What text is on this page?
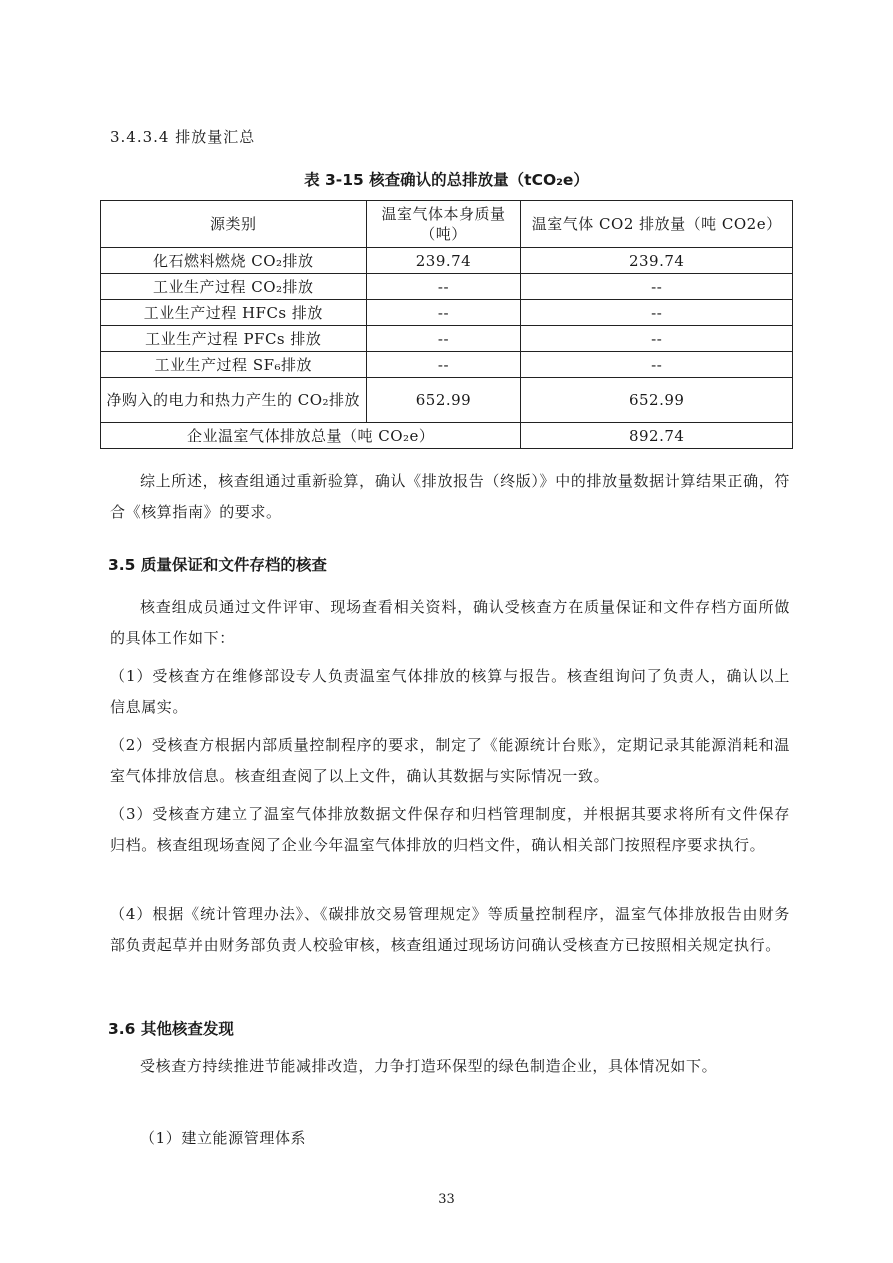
3.4.3.4 排放量汇总
表 3-15 核查确认的总排放量（tCO₂e）
源类别	温室气体本身质量（吨）	温室气体 CO2 排放量（吨 CO2e）
化石燃料燃烧 CO₂排放	239.74	239.74
工业生产过程 CO₂排放	--	--
工业生产过程 HFCs 排放	--	--
工业生产过程 PFCs 排放	--	--
工业生产过程 SF₆排放	--	--
净购入的电力和热力产生的 CO₂排放	652.99	652.99
企业温室气体排放总量（吨 CO₂e）		892.74

综上所述，核查组通过重新验算，确认《排放报告（终版）》中的排放量数据计算结果正确，符合《核算指南》的要求。

3.5 质量保证和文件存档的核查

核查组成员通过文件评审、现场查看相关资料，确认受核查方在质量保证和文件存档方面所做的具体工作如下：

（1）受核查方在维修部设专人负责温室气体排放的核算与报告。核查组询问了负责人，确认以上信息属实。

（2）受核查方根据内部质量控制程序的要求，制定了《能源统计台账》，定期记录其能源消耗和温室气体排放信息。核查组查阅了以上文件，确认其数据与实际情况一致。

（3）受核查方建立了温室气体排放数据文件保存和归档管理制度，并根据其要求将所有文件保存归档。核查组现场查阅了企业今年温室气体排放的归档文件，确认相关部门按照程序要求执行。

（4）根据《统计管理办法》、《碳排放交易管理规定》等质量控制程序，温室气体排放报告由财务部负责起草并由财务部负责人校验审核，核查组通过现场访问确认受核查方已按照相关规定执行。

3.6 其他核查发现

受核查方持续推进节能减排改造，力争打造环保型的绿色制造企业，具体情况如下。

（1）建立能源管理体系

33
